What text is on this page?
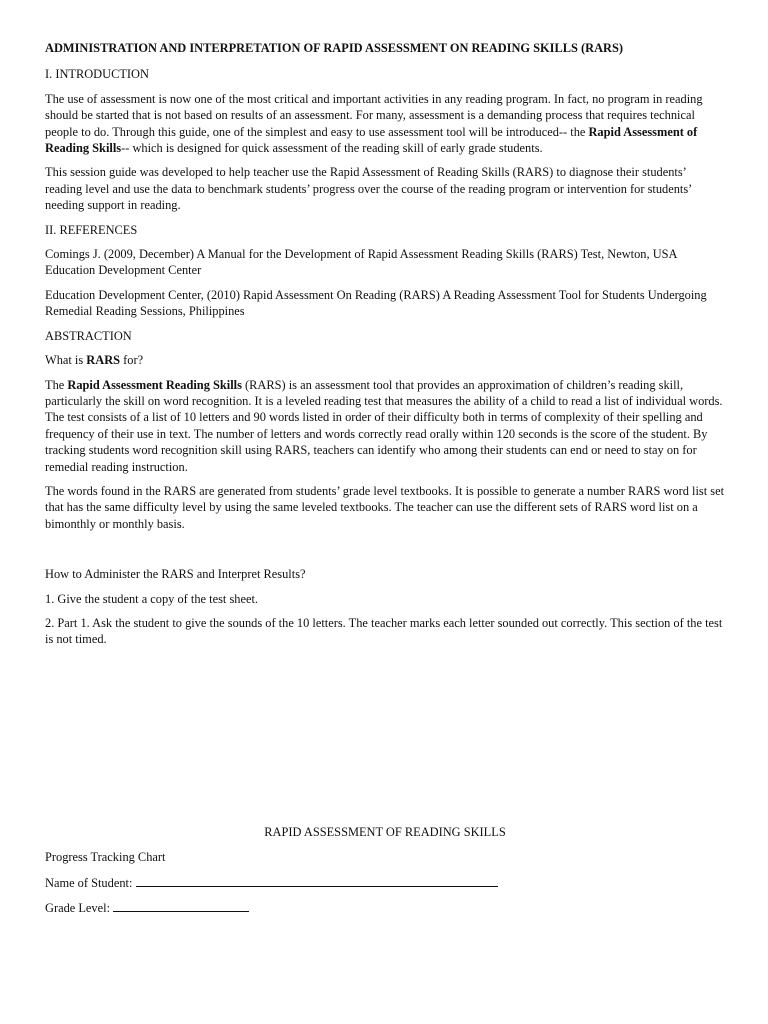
ADMINISTRATION AND INTERPRETATION OF RAPID ASSESSMENT ON READING SKILLS (RARS)
I. INTRODUCTION

The use of assessment is now one of the most critical and important activities in any reading program. In fact, no program in reading should be started that is not based on results of an assessment. For many, assessment is a demanding process that requires technical people to do. Through this guide, one of the simplest and easy to use assessment tool will be introduced-- the Rapid Assessment of Reading Skills-- which is designed for quick assessment of the reading skill of early grade students.

This session guide was developed to help teacher use the Rapid Assessment of Reading Skills (RARS) to diagnose their students’ reading level and use the data to benchmark students’ progress over the course of the reading program or intervention for students’ needing support in reading.

II. REFERENCES

Comings J. (2009, December) A Manual for the Development of Rapid Assessment Reading Skills (RARS) Test, Newton, USA Education Development Center

Education Development Center, (2010) Rapid Assessment On Reading (RARS) A Reading Assessment Tool for Students Undergoing Remedial Reading Sessions, Philippines

ABSTRACTION

What is RARS for?

The Rapid Assessment Reading Skills (RARS) is an assessment tool that provides an approximation of children’s reading skill, particularly the skill on word recognition. It is a leveled reading test that measures the ability of a child to read a list of individual words. The test consists of a list of 10 letters and 90 words listed in order of their difficulty both in terms of complexity of their spelling and frequency of their use in text. The number of letters and words correctly read orally within 120 seconds is the score of the student. By tracking students word recognition skill using RARS, teachers can identify who among their students can end or need to stay on for remedial reading instruction.

The words found in the RARS are generated from students’ grade level textbooks. It is possible to generate a number RARS word list set that has the same difficulty level by using the same leveled textbooks. The teacher can use the different sets of RARS word list on a bimonthly or monthly basis.

How to Administer the RARS and Interpret Results?

1. Give the student a copy of the test sheet.

2. Part 1. Ask the student to give the sounds of the 10 letters. The teacher marks each letter sounded out correctly. This section of the test is not timed.

RAPID ASSESSMENT OF READING SKILLS
Progress Tracking Chart
Name of Student:
Grade Level:
